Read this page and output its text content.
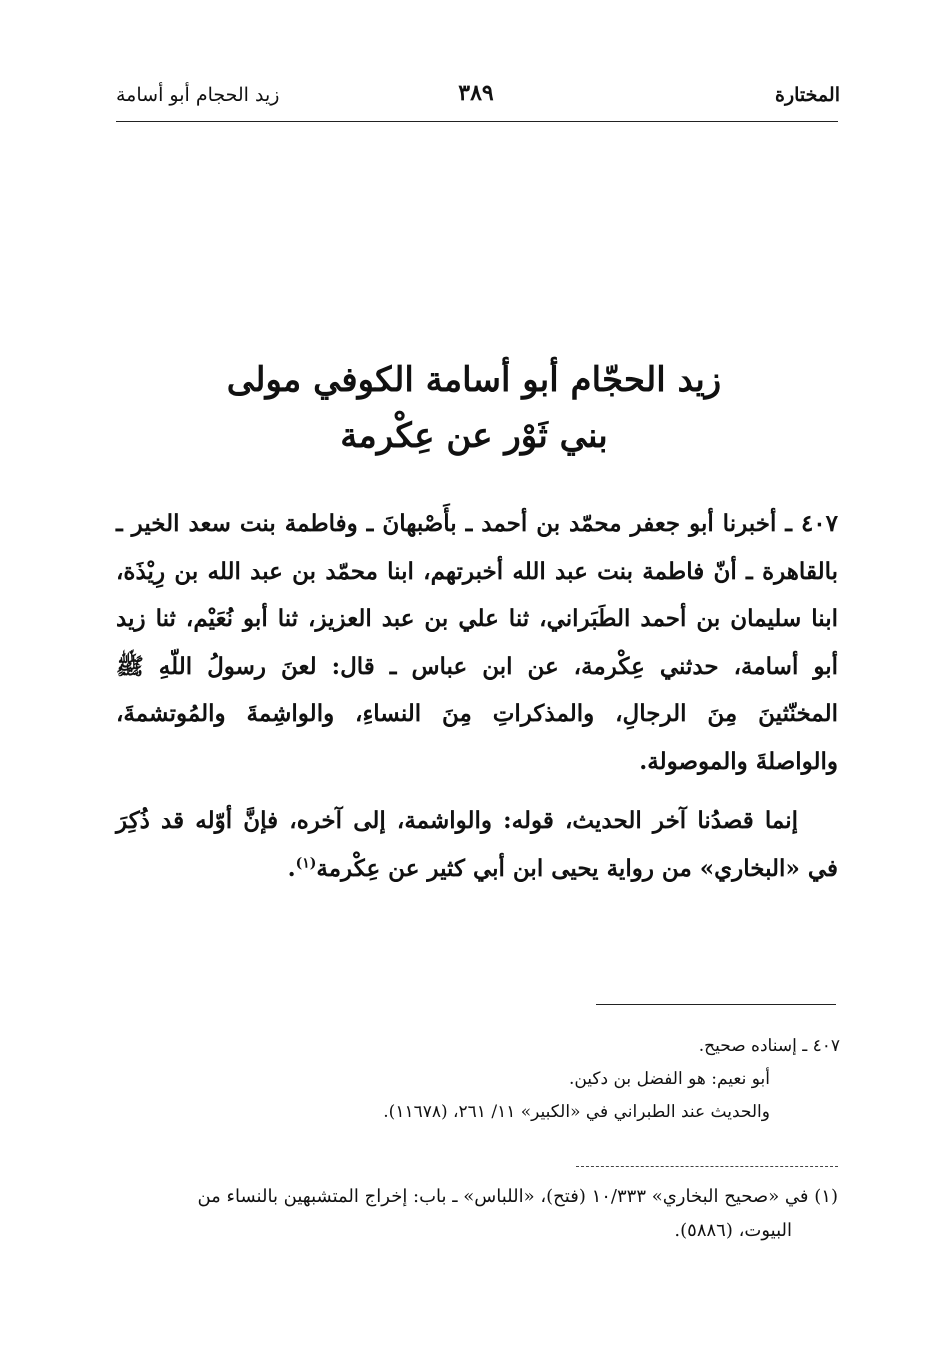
المختارة
٣٨٩
زيد الحجام أبو أسامة
زيد الحجّام أبو أسامة الكوفي مولى
بني ثَوْر عن عِكْرمة

٤٠٧ ـ أخبرنا أبو جعفر محمّد بن أحمد ـ بأَصْبهانَ ـ وفاطمة بنت سعد الخير ـ بالقاهرة ـ أنّ فاطمة بنت عبد الله أخبرتهم، ابنا محمّد بن عبد الله بن رِيْذَة، ابنا سليمان بن أحمد الطَبَراني، ثنا علي بن عبد العزيز، ثنا أبو نُعَيْم، ثنا زيد أبو أسامة، حدثني عِكْرمة، عن ابن عباس ـ قال: لعنَ رسولُ اللّهِ ﷺ المخنّثينَ مِنَ الرجالِ، والمذكراتِ مِنَ النساءِ، والواشِمةَ والمُوتشمةَ، والواصلةَ والموصولة.

إنما قصدُنا آخر الحديث، قوله: والواشمة، إلى آخره، فإنَّ أوّله قد ذُكِرَ في «البخاري» من رواية يحيى ابن أبي كثير عن عِكْرمة$^{(١)}$.

٤٠٧ ـ إسناده صحيح.
أبو نعيم: هو الفضل بن دكين.
والحديث عند الطبراني في «الكبير» ١١/ ٢٦١، (١١٦٧٨).
(١) في «صحيح البخاري» ١٠/٣٣٣ (فتح)، «اللباس» ـ باب: إخراج المتشبهين بالنساء من
البيوت، (٥٨٨٦).
